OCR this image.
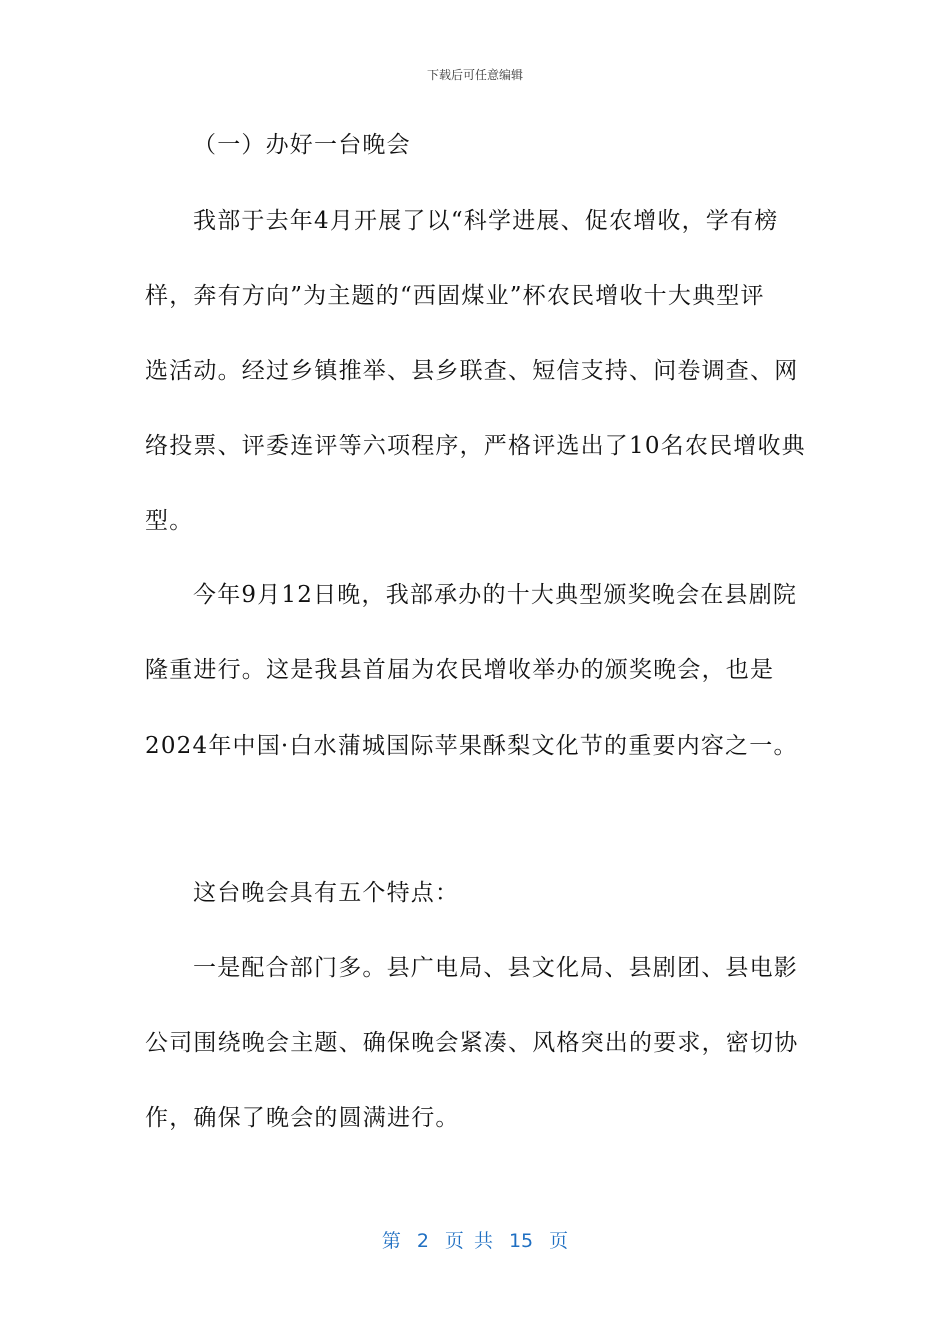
下载后可任意编辑
（一）办好一台晚会
我部于去年4月开展了以“科学进展、促农增收，学有榜
样，奔有方向”为主题的“西固煤业”杯农民增收十大典型评
选活动。经过乡镇推举、县乡联查、短信支持、问卷调查、网
络投票、评委连评等六项程序，严格评选出了10名农民增收典
型。
今年9月12日晚，我部承办的十大典型颁奖晚会在县剧院
隆重进行。这是我县首届为农民增收举办的颁奖晚会，也是
2024年中国·白水蒲城国际苹果酥梨文化节的重要内容之一。
这台晚会具有五个特点：
一是配合部门多。县广电局、县文化局、县剧团、县电影
公司围绕晚会主题、确保晚会紧凑、风格突出的要求，密切协
作，确保了晚会的圆满进行。
第 2 页 共 15 页
